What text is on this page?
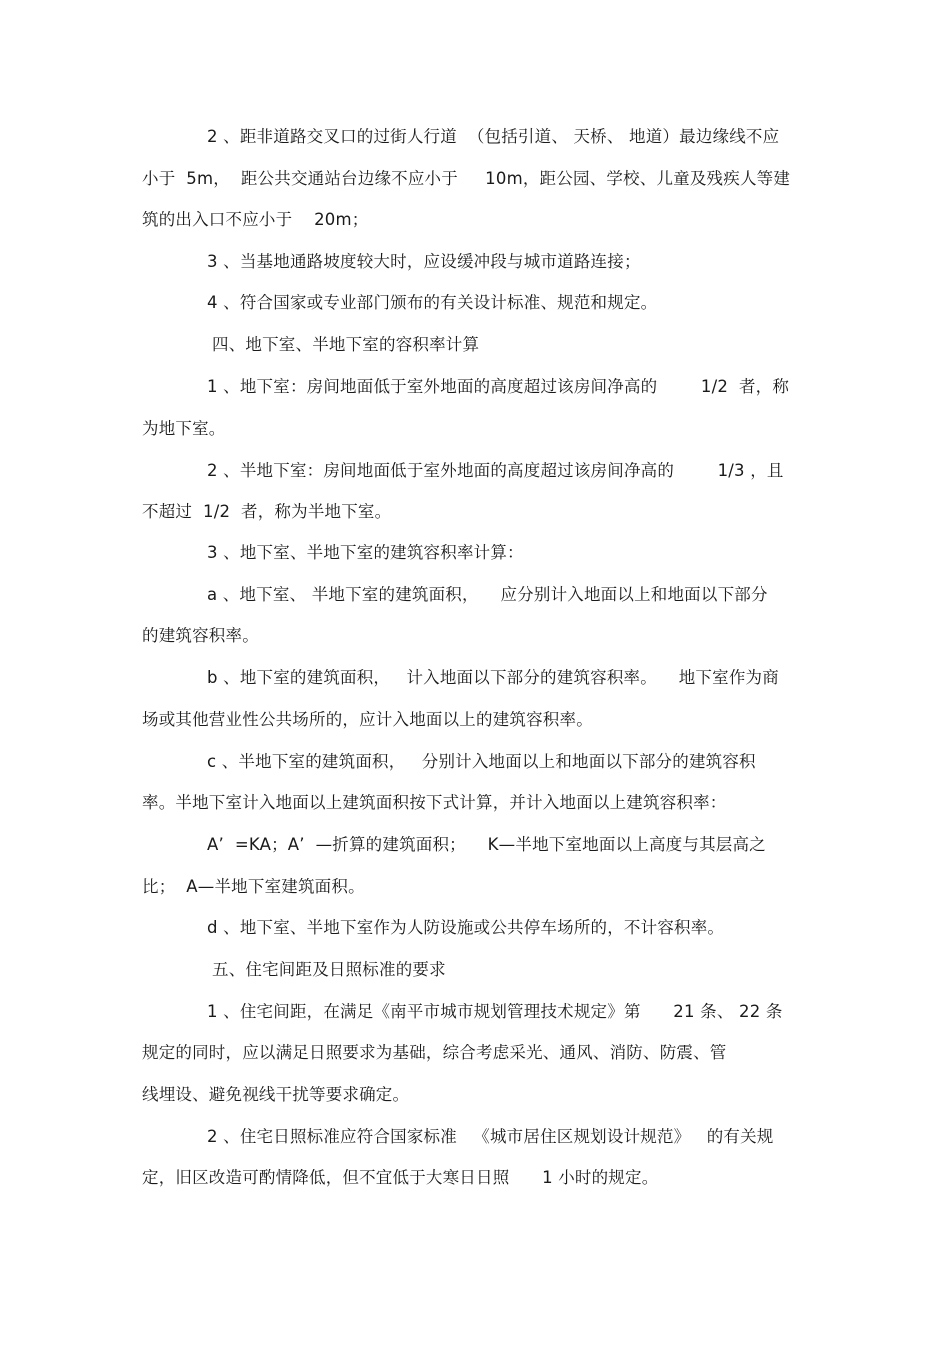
2 、距非道路交叉口的过街人行道  （包括引道、 天桥、 地道）最边缘线不应
小于  5m，  距公共交通站台边缘不应小于     10m，距公园、学校、儿童及残疾人等建
筑的出入口不应小于    20m；
3 、当基地通路坡度较大时，应设缓冲段与城市道路连接；
4 、符合国家或专业部门颁布的有关设计标准、规范和规定。
四、地下室、半地下室的容积率计算
1 、地下室：房间地面低于室外地面的高度超过该房间净高的        1/2  者，称
为地下室。
2 、半地下室：房间地面低于室外地面的高度超过该房间净高的        1/3 ，且
不超过  1/2  者，称为半地下室。
3 、地下室、半地下室的建筑容积率计算：
a 、地下室、 半地下室的建筑面积，    应分别计入地面以上和地面以下部分
的建筑容积率。
b 、地下室的建筑面积，   计入地面以下部分的建筑容积率。    地下室作为商
场或其他营业性公共场所的，应计入地面以上的建筑容积率。
c 、半地下室的建筑面积，   分别计入地面以上和地面以下部分的建筑容积
率。半地下室计入地面以上建筑面积按下式计算，并计入地面以上建筑容积率：
A’  =KA；A’  —折算的建筑面积；    K—半地下室地面以上高度与其层高之
比；  A—半地下室建筑面积。
d 、地下室、半地下室作为人防设施或公共停车场所的，不计容积率。
五、住宅间距及日照标准的要求
1 、住宅间距，在满足《南平市城市规划管理技术规定》第      21 条、 22 条
规定的同时，应以满足日照要求为基础，综合考虑采光、通风、消防、防震、管
线埋设、避免视线干扰等要求确定。
2 、住宅日照标准应符合国家标准   《城市居住区规划设计规范》   的有关规
定，旧区改造可酌情降低，但不宜低于大寒日日照      1 小时的规定。
